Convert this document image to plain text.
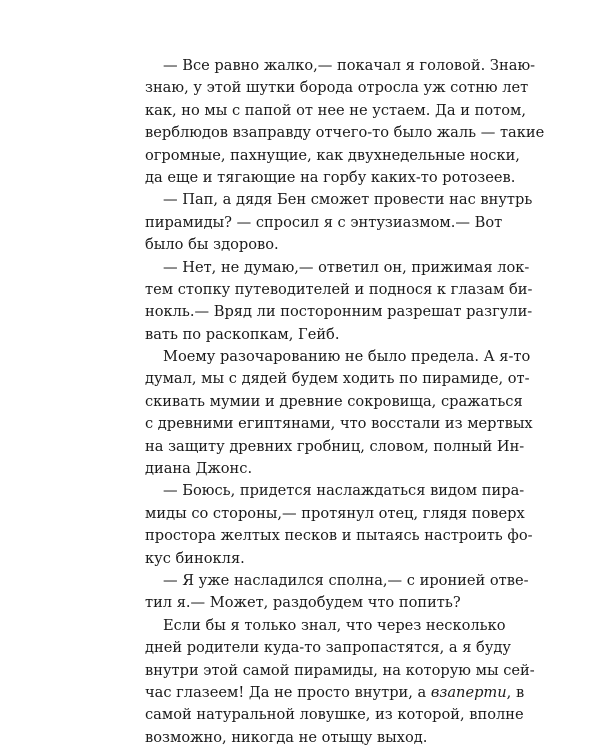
— Все равно жалко,— покачал я головой. Знаю-
знаю, у этой шутки борода отросла уж сотню лет
как, но мы с папой от нее не устаем. Да и потом,
верблюдов взаправду отчего-то было жаль — такие
огромные, пахнущие, как двухнедельные носки,
да еще и тягающие на горбу каких-то ротозеев.
— Пап, а дядя Бен сможет провести нас внутрь
пирамиды? — спросил я с энтузиазмом.— Вот
было бы здорово.
— Нет, не думаю,— ответил он, прижимая лок-
тем стопку путеводителей и поднося к глазам би-
нокль.— Вряд ли посторонним разрешат разгули-
вать по раскопкам, Гейб.
Моему разочарованию не было предела. А я-то
думал, мы с дядей будем ходить по пирамиде, от-
скивать мумии и древние сокровища, сражаться
с древними египтянами, что восстали из мертвых
на защиту древних гробниц, словом, полный Ин-
диана Джонс.
— Боюсь, придется наслаждаться видом пира-
миды со стороны,— протянул отец, глядя поверх
простора желтых песков и пытаясь настроить фо-
кус бинокля.
— Я уже насладился сполна,— с иронией отве-
тил я.— Может, раздобудем что попить?
Если бы я только знал, что через несколько
дней родители куда-то запропастятся, а я буду
внутри этой самой пирамиды, на которую мы сей-
час глазеем! Да не просто внутри, а взаперти, в
самой натуральной ловушке, из которой, вполне
возможно, никогда не отыщу выход.
